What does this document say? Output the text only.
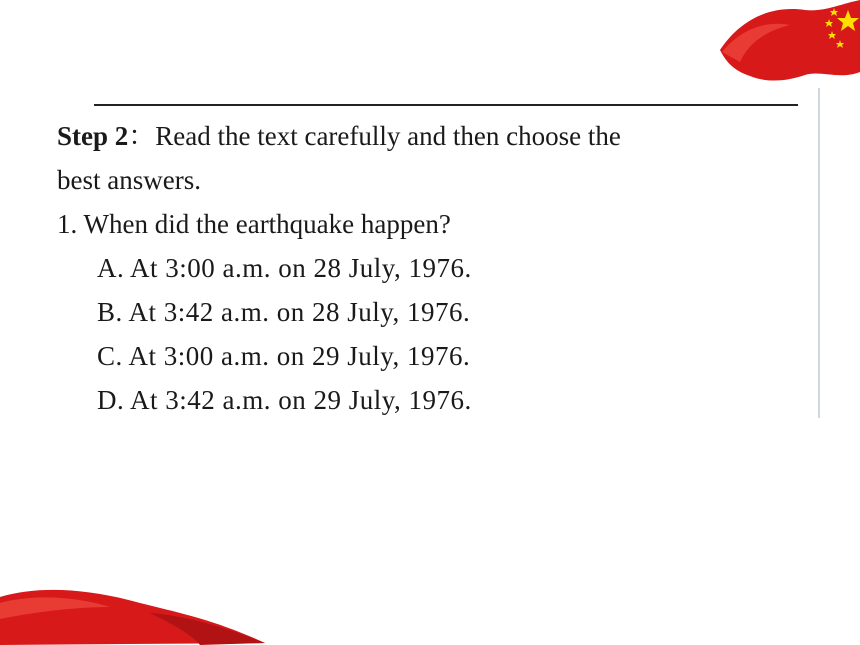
Step 2：Read the text carefully and then choose the
best answers.
1. When did the earthquake happen?
A. At 3:00 a.m. on 28 July, 1976.
B. At 3:42 a.m. on 28 July, 1976.
C. At 3:00 a.m. on 29 July, 1976.
D. At 3:42 a.m. on 29 July, 1976.
